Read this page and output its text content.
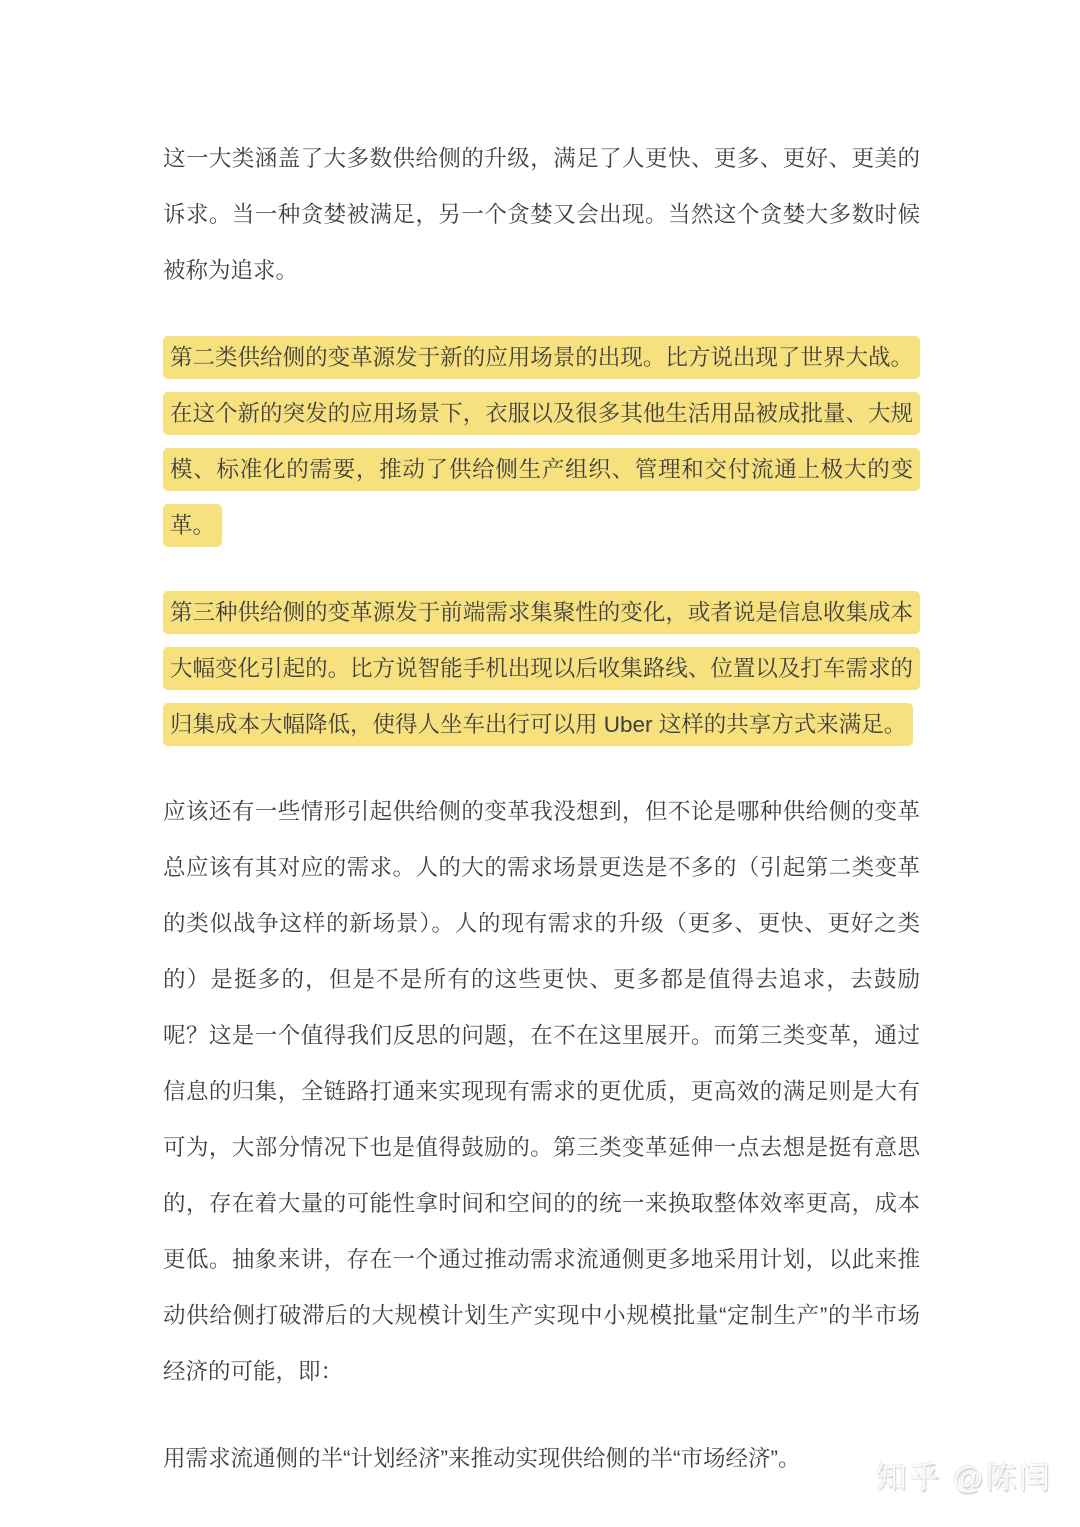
这一大类涵盖了大多数供给侧的升级，满足了人更快、更多、更好、更美的诉求。当一种贪婪被满足，另一个贪婪又会出现。当然这个贪婪大多数时候被称为追求。

第二类供给侧的变革源发于新的应用场景的出现。比方说出现了世界大战。在这个新的突发的应用场景下，衣服以及很多其他生活用品被成批量、大规模、标准化的需要，推动了供给侧生产组织、管理和交付流通上极大的变革。

第三种供给侧的变革源发于前端需求集聚性的变化，或者说是信息收集成本大幅变化引起的。比方说智能手机出现以后收集路线、位置以及打车需求的归集成本大幅降低，使得人坐车出行可以用 Uber 这样的共享方式来满足。

应该还有一些情形引起供给侧的变革我没想到，但不论是哪种供给侧的变革总应该有其对应的需求。人的大的需求场景更迭是不多的（引起第二类变革的类似战争这样的新场景）。人的现有需求的升级（更多、更快、更好之类的）是挺多的，但是不是所有的这些更快、更多都是值得去追求，去鼓励呢？这是一个值得我们反思的问题，在不在这里展开。而第三类变革，通过信息的归集，全链路打通来实现现有需求的更优质，更高效的满足则是大有可为，大部分情况下也是值得鼓励的。第三类变革延伸一点去想是挺有意思的，存在着大量的可能性拿时间和空间的的统一来换取整体效率更高，成本更低。抽象来讲，存在一个通过推动需求流通侧更多地采用计划，以此来推动供给侧打破滞后的大规模计划生产实现中小规模批量“定制生产”的半市场经济的可能，即：

用需求流通侧的半“计划经济”来推动实现供给侧的半“市场经济”。

知乎 @陈闫
